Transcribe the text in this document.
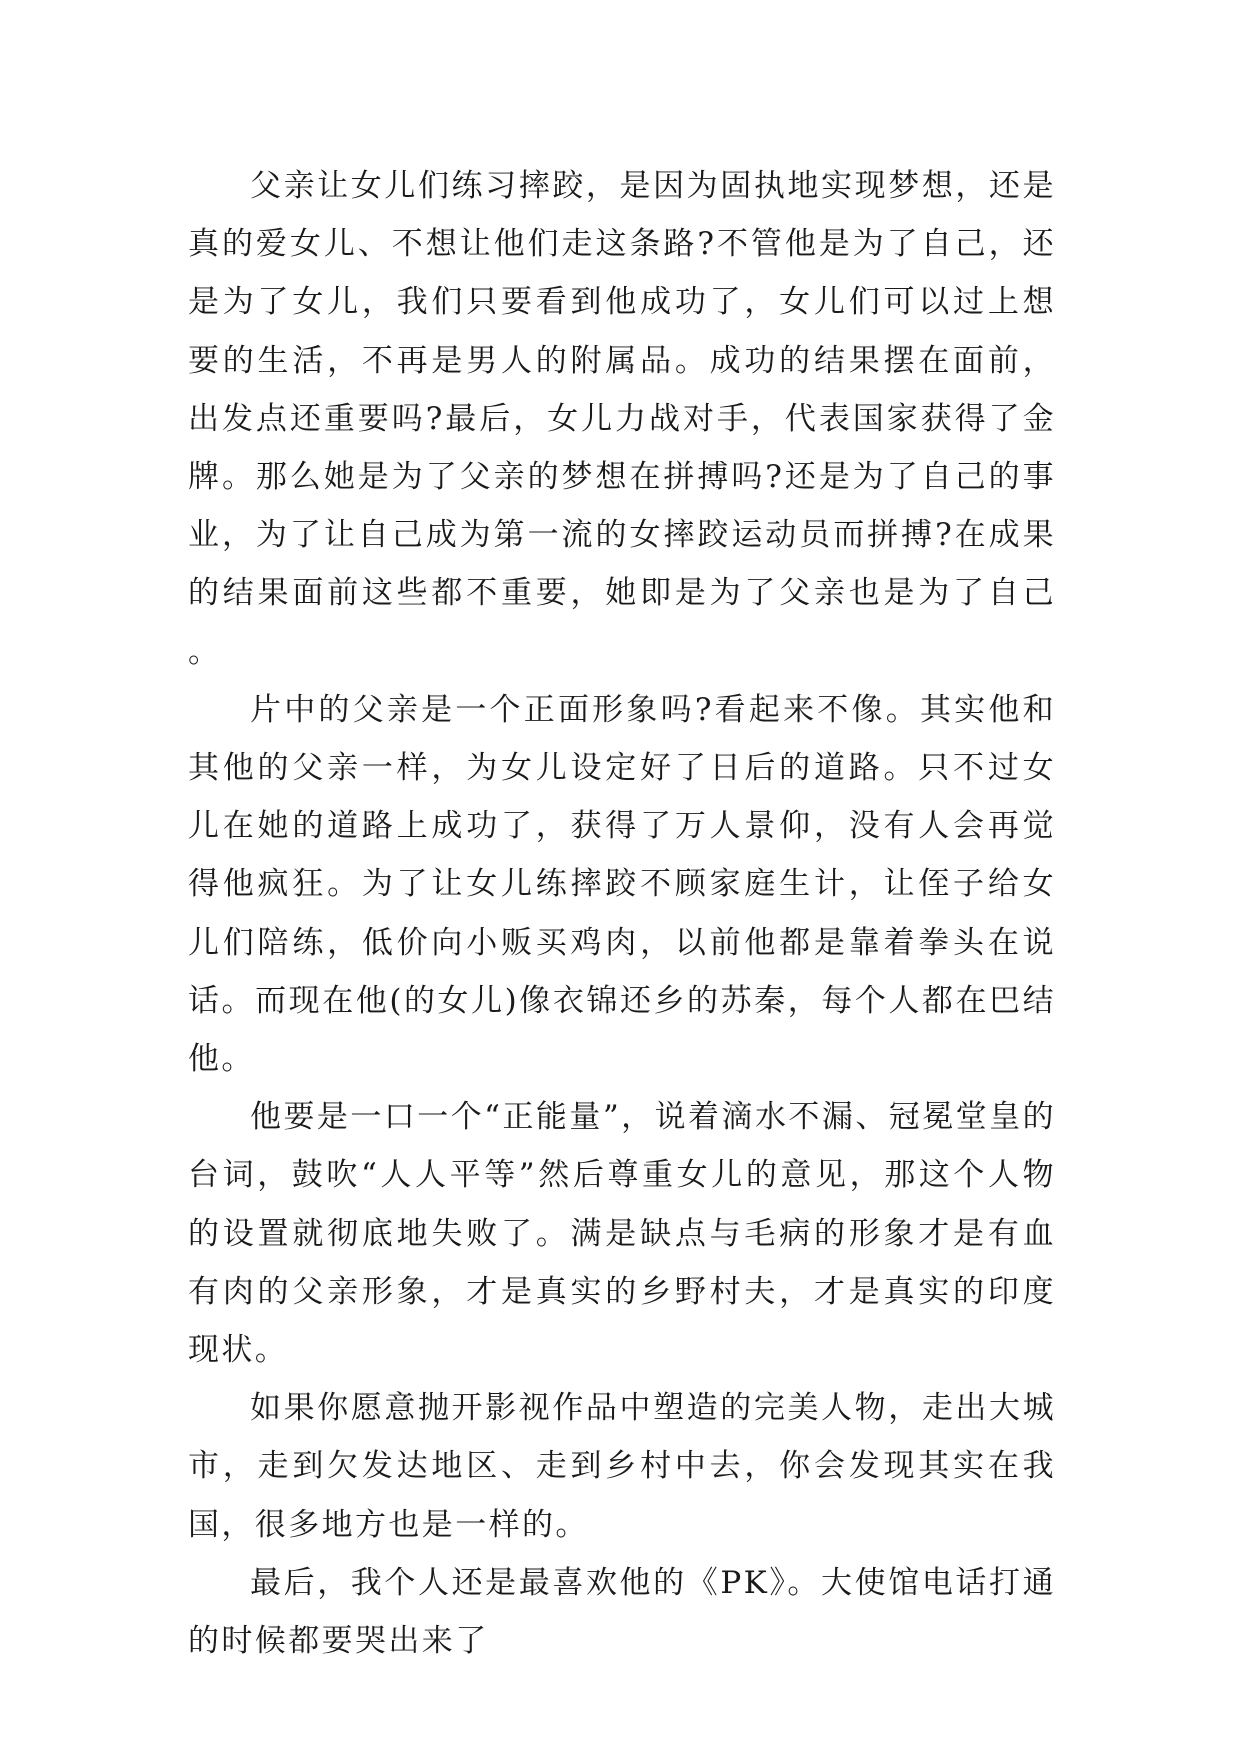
父亲让女儿们练习摔跤，是因为固执地实现梦想，还是真的爱女儿、不想让他们走这条路?不管他是为了自己，还是为了女儿，我们只要看到他成功了，女儿们可以过上想要的生活，不再是男人的附属品。成功的结果摆在面前，出发点还重要吗?最后，女儿力战对手，代表国家获得了金牌。那么她是为了父亲的梦想在拼搏吗?还是为了自己的事业，为了让自己成为第一流的女摔跤运动员而拼搏?在成果的结果面前这些都不重要，她即是为了父亲也是为了自己。

片中的父亲是一个正面形象吗?看起来不像。其实他和其他的父亲一样，为女儿设定好了日后的道路。只不过女儿在她的道路上成功了，获得了万人景仰，没有人会再觉得他疯狂。为了让女儿练摔跤不顾家庭生计，让侄子给女儿们陪练，低价向小贩买鸡肉，以前他都是靠着拳头在说话。而现在他(的女儿)像衣锦还乡的苏秦，每个人都在巴结他。

他要是一口一个“正能量”，说着滴水不漏、冠冕堂皇的台词，鼓吹“人人平等”然后尊重女儿的意见，那这个人物的设置就彻底地失败了。满是缺点与毛病的形象才是有血有肉的父亲形象，才是真实的乡野村夫，才是真实的印度现状。

如果你愿意抛开影视作品中塑造的完美人物，走出大城市，走到欠发达地区、走到乡村中去，你会发现其实在我国，很多地方也是一样的。

最后，我个人还是最喜欢他的《PK》。大使馆电话打通的时候都要哭出来了
